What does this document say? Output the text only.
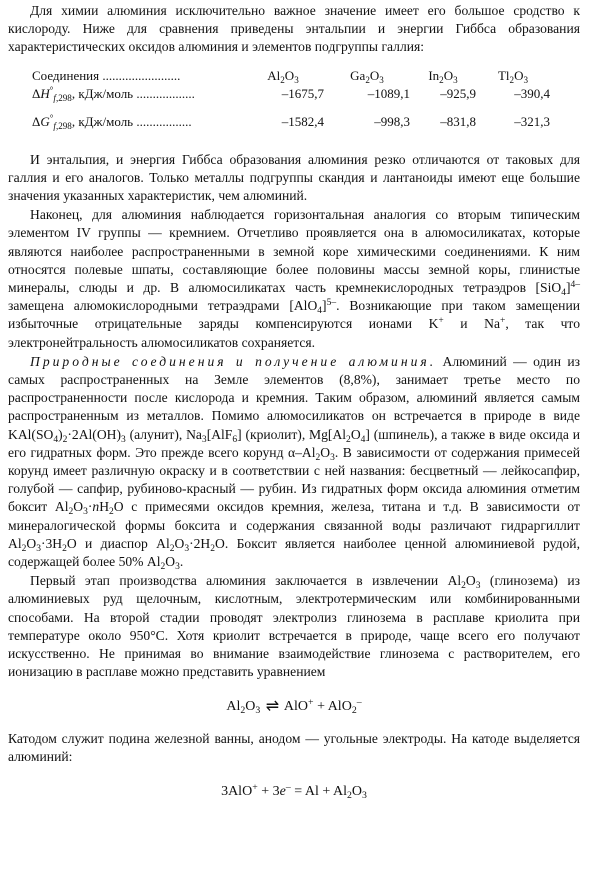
Для химии алюминия исключительно важное значение имеет его большое сродство к кислороду. Ниже для сравнения приведены энтальпии и энергии Гиббса образования характеристических оксидов алюминия и элементов подгруппы галлия:

Соединения ........................	$Al_2O_3$	$Ga_2O_3$	$In_2O_3$	$Tl_2O_3$
$\Delta H^\circ_{f,298}$, кДж/моль ..................	–1675,7	–1089,1	–925,9	–390,4

$\Delta G^\circ_{f,298}$, кДж/моль .................	–1582,4	–998,3	–831,8	–321,3

И энтальпия, и энергия Гиббса образования алюминия резко отличаются от таковых для галлия и его аналогов. Только металлы подгруппы скандия и лантаноиды имеют еще большие значения указанных характеристик, чем алюминий.

Наконец, для алюминия наблюдается горизонтальная аналогия со вторым типическим элементом IV группы — кремнием. Отчетливо проявляется она в алюмосиликатах, которые являются наиболее распространенными в земной коре химическими соединениями. К ним относятся полевые шпаты, составляющие более половины массы земной коры, глинистые минералы, слюды и др. В алюмосиликатах часть кремнекислородных тетраэдров $[SiO_4]^{4-}$ замещена алюмокислородными тетраэдрами $[AlO_4]^{5-}$. Возникающие при таком замещении избыточные отрицательные заряды компенсируются ионами K+ и Na+, так что электронейтральность алюмосиликатов сохраняется.

Природные соединения и получение алюминия. Алюминий — один из самых распространенных на Земле элементов (8,8%), занимает третье место по распространенности после кислорода и кремния. Таким образом, алюминий является самым распространенным из металлов. Помимо алюмосиликатов он встречается в природе в виде $KAl(SO_4)_2\cdot 2Al(OH)_3$ (алунит), $Na_3[AlF_6]$ (криолит), $Mg[Al_2O_4]$ (шпинель), а также в виде оксида и его гидратных форм. Это прежде всего корунд $\alpha-Al_2O_3$. В зависимости от содержания примесей корунд имеет различную окраску и в соответствии с ней названия: бесцветный — лейкосапфир, голубой — сапфир, рубиново-красный — рубин. Из гидратных форм оксида алюминия отметим боксит $Al_2O_3\cdot nH_2O$ с примесями оксидов кремния, железа, титана и т.д. В зависимости от минералогической формы боксита и содержания связанной воды различают гидраргиллит $Al_2O_3\cdot 3H_2O$ и диаспор $Al_2O_3\cdot 2H_2O$. Боксит является наиболее ценной алюминиевой рудой, содержащей более 50% $Al_2O_3$.

Первый этап производства алюминия заключается в извлечении $Al_2O_3$ (глинозема) из алюминиевых руд щелочным, кислотным, электротермическим или комбинированными способами. На второй стадии проводят электролиз глинозема в расплаве криолита при температуре около 950°С. Хотя криолит встречается в природе, чаще всего его получают искусственно. Не принимая во внимание взаимодействие глинозема с растворителем, его ионизацию в расплаве можно представить уравнением

$Al_2O_3$ ⇌ AlO+ + AlO$_2$–

Катодом служит подина железной ванны, анодом — угольные электроды. На катоде выделяется алюминий:

$3AlO^+ + 3e^- = Al + Al_2O_3$
